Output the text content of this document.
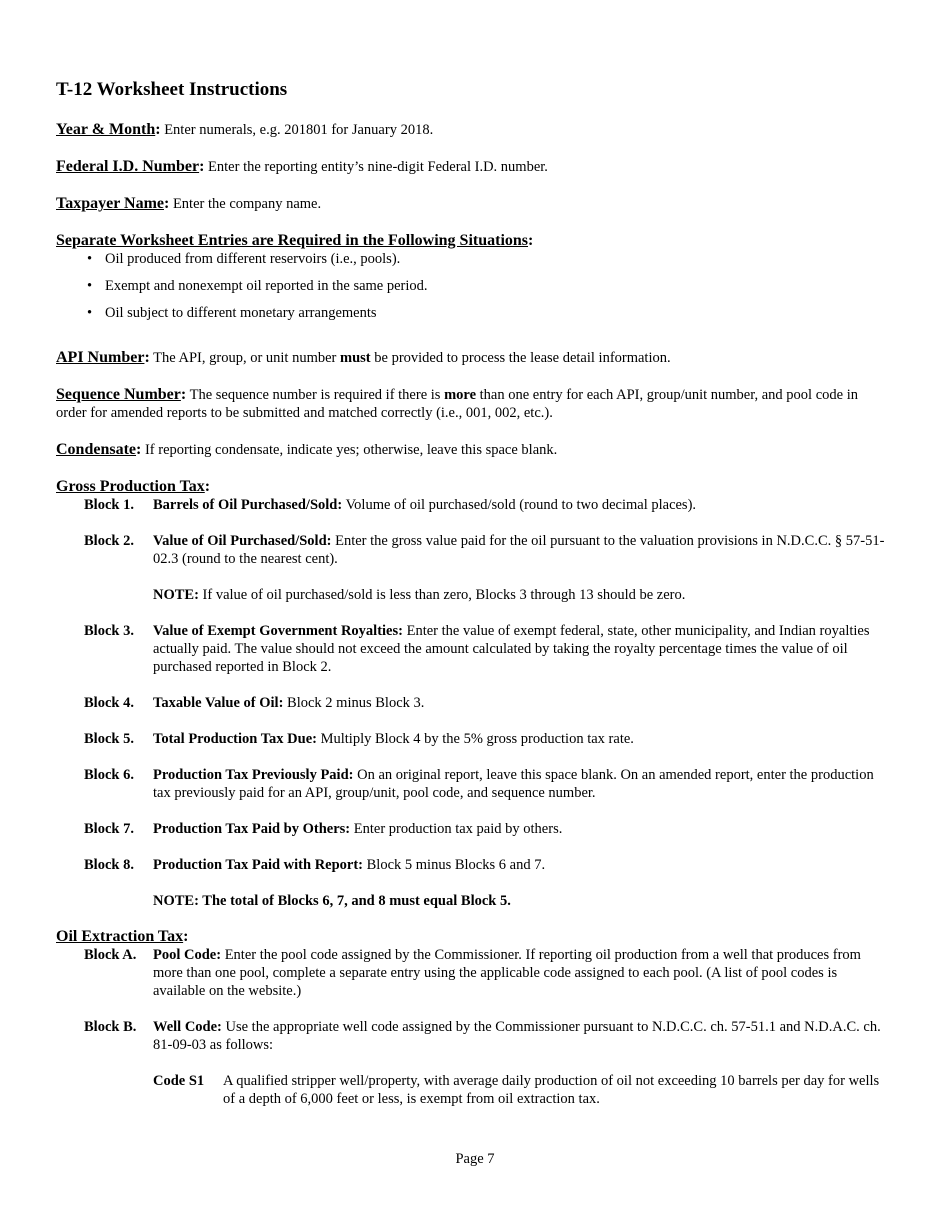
T-12 Worksheet Instructions

Year & Month: Enter numerals, e.g. 201801 for January 2018.

Federal I.D. Number: Enter the reporting entity’s nine-digit Federal I.D. number.

Taxpayer Name: Enter the company name.

Separate Worksheet Entries are Required in the Following Situations:

• Oil produced from different reservoirs (i.e., pools).
• Exempt and nonexempt oil reported in the same period.
• Oil subject to different monetary arrangements

API Number: The API, group, or unit number must be provided to process the lease detail information.

Sequence Number: The sequence number is required if there is more than one entry for each API, group/unit number, and pool code in order for amended reports to be submitted and matched correctly (i.e., 001, 002, etc.).

Condensate: If reporting condensate, indicate yes; otherwise, leave this space blank.

Gross Production Tax:

Block 1.	Barrels of Oil Purchased/Sold: Volume of oil purchased/sold (round to two decimal places).
Block 2.	Value of Oil Purchased/Sold: Enter the gross value paid for the oil pursuant to the valuation provisions in N.D.C.C. § 57-51-02.3 (round to the nearest cent).

NOTE: If value of oil purchased/sold is less than zero, Blocks 3 through 13 should be zero.

Block 3.	Value of Exempt Government Royalties: Enter the value of exempt federal, state, other municipality, and Indian royalties actually paid. The value should not exceed the amount calculated by taking the royalty percentage times the value of oil purchased reported in Block 2.
Block 4.	Taxable Value of Oil: Block 2 minus Block 3.
Block 5.	Total Production Tax Due: Multiply Block 4 by the 5% gross production tax rate.
Block 6.	Production Tax Previously Paid: On an original report, leave this space blank. On an amended report, enter the production tax previously paid for an API, group/unit, pool code, and sequence number.
Block 7.	Production Tax Paid by Others: Enter production tax paid by others.
Block 8.	Production Tax Paid with Report: Block 5 minus Blocks 6 and 7.

NOTE: The total of Blocks 6, 7, and 8 must equal Block 5.

Oil Extraction Tax:

Block A.	Pool Code: Enter the pool code assigned by the Commissioner. If reporting oil production from a well that produces from more than one pool, complete a separate entry using the applicable code assigned to each pool. (A list of pool codes is available on the website.)
Block B.	Well Code: Use the appropriate well code assigned by the Commissioner pursuant to N.D.C.C. ch. 57-51.1 and N.D.A.C. ch. 81-09-03 as follows:
Code S1	A qualified stripper well/property, with average daily production of oil not exceeding 10 barrels per day for wells of a depth of 6,000 feet or less, is exempt from oil extraction tax.
Page 7
